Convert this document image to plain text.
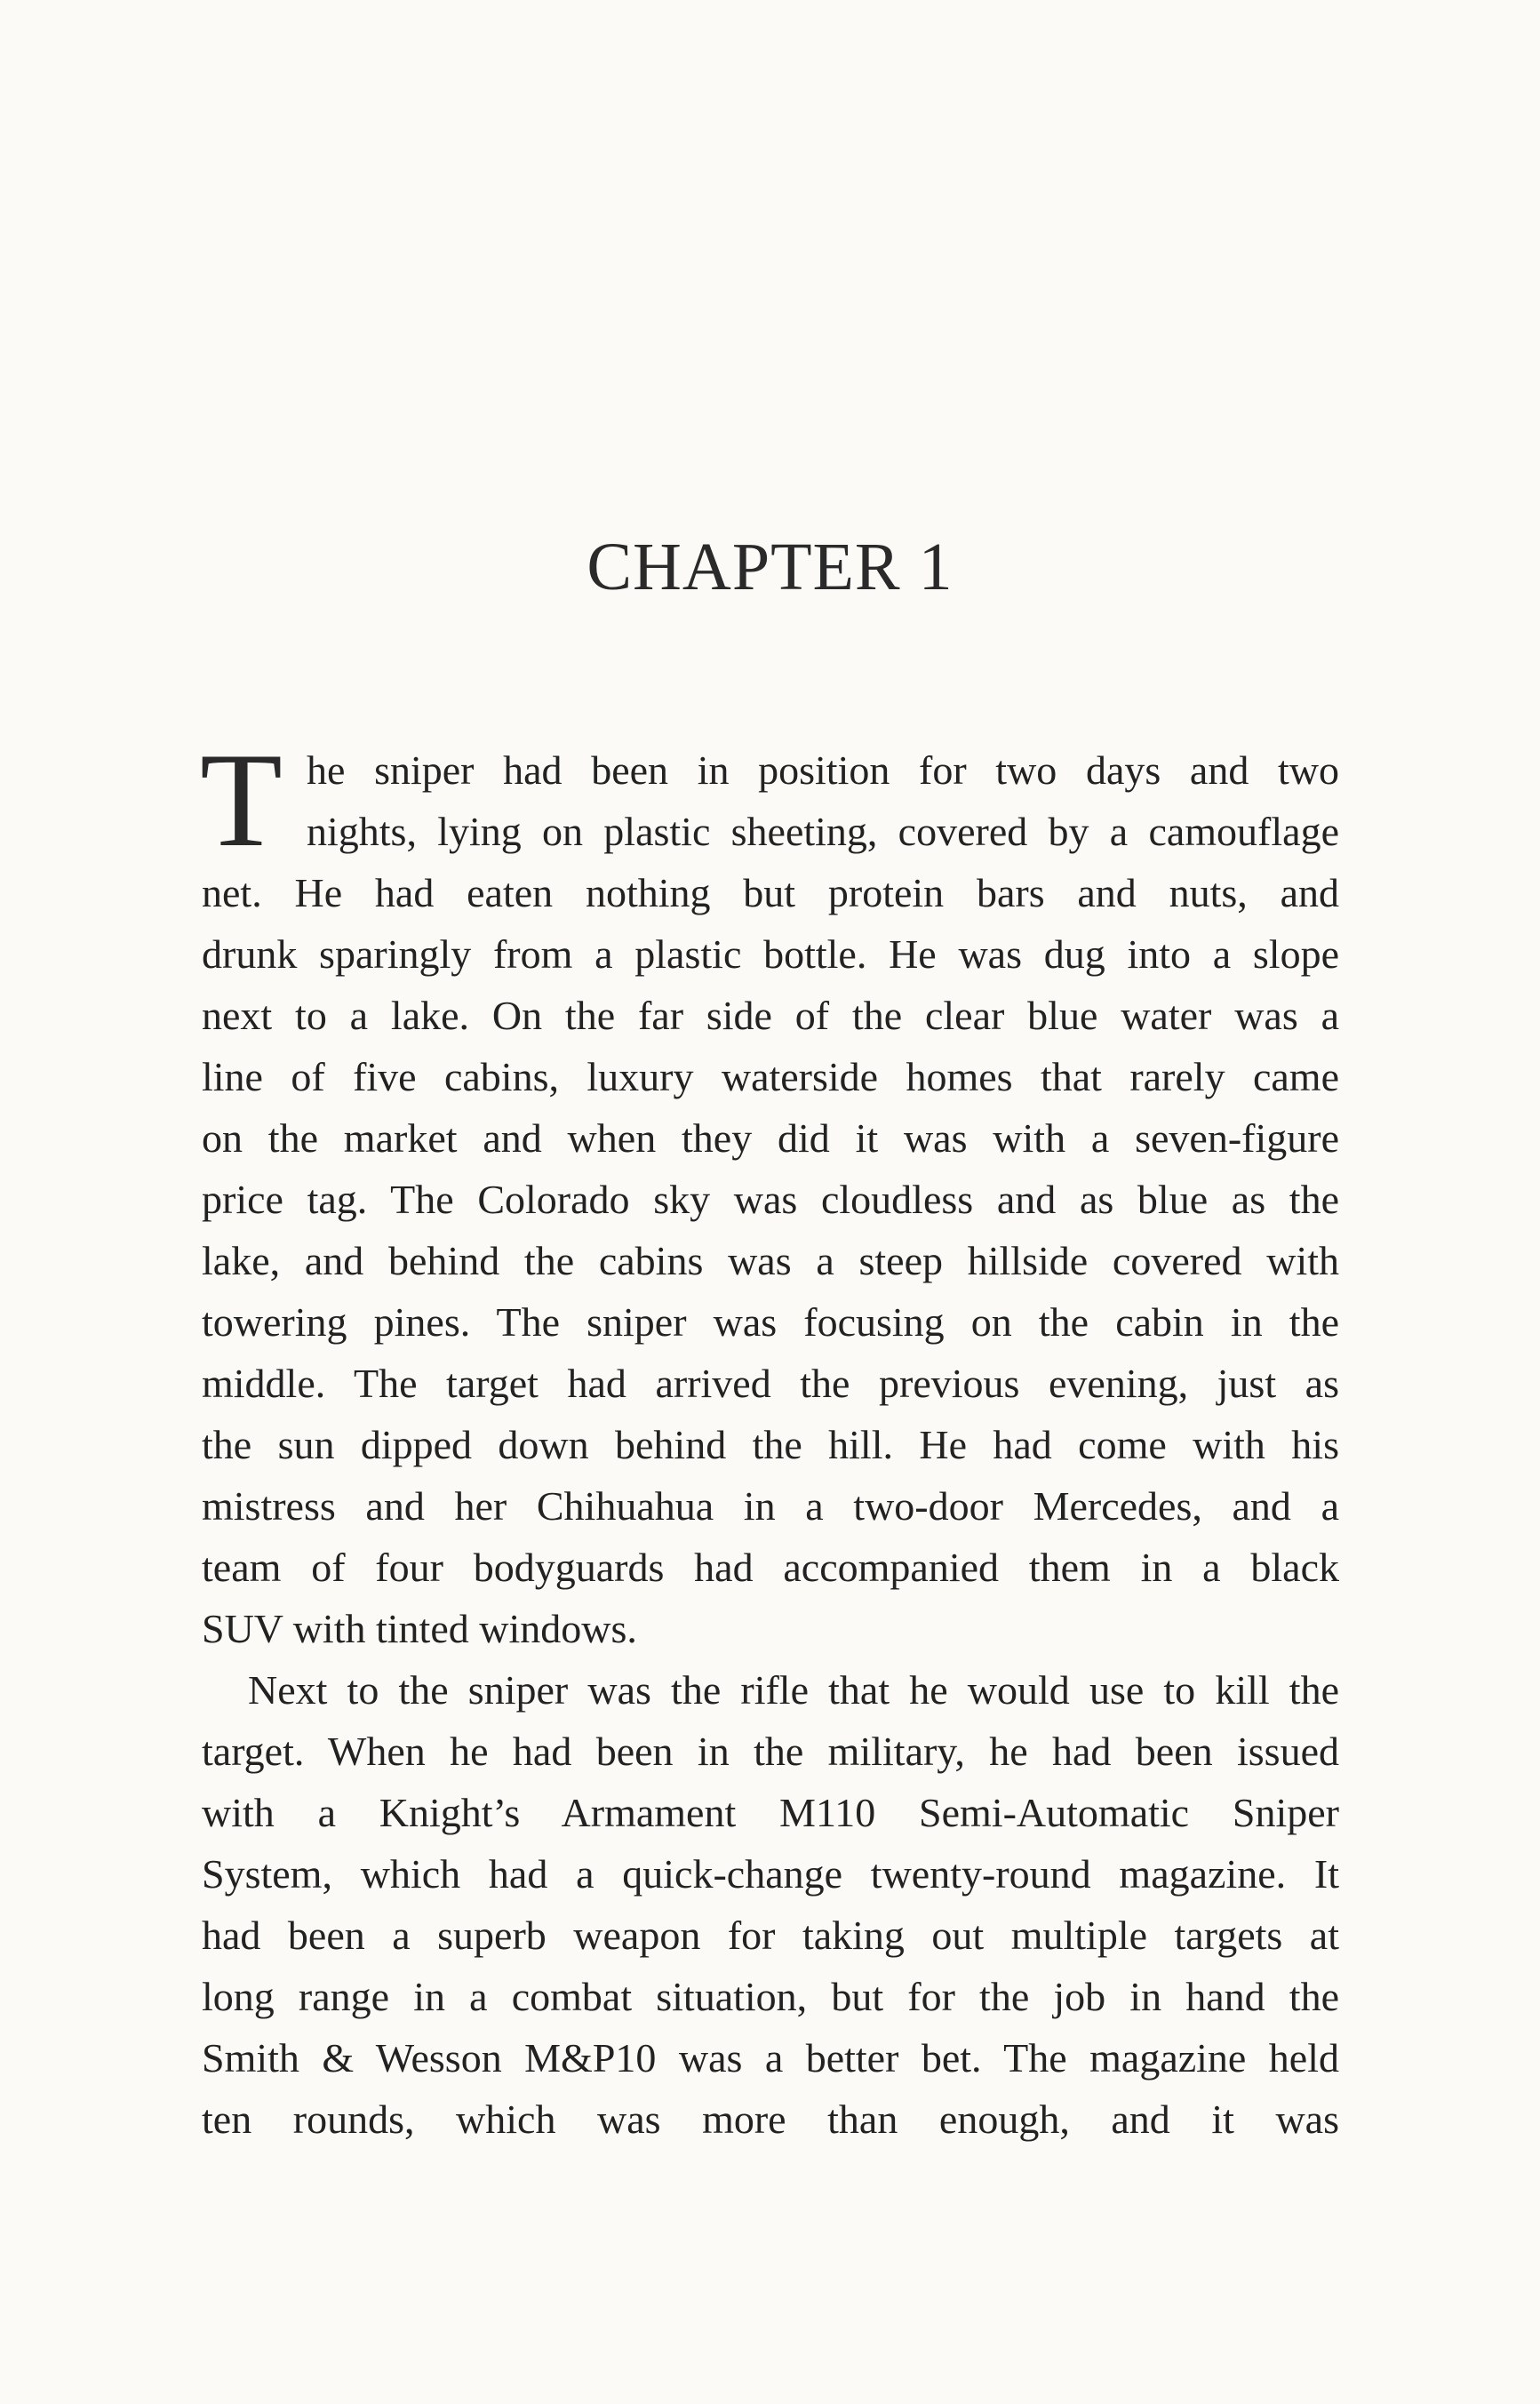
CHAPTER 1
T he sniper had been in position for two days and two
nights, lying on plastic sheeting, covered by a camouflage
net. He had eaten nothing but protein bars and nuts, and
drunk sparingly from a plastic bottle. He was dug into a slope
next to a lake. On the far side of the clear blue water was a
line of five cabins, luxury waterside homes that rarely came
on the market and when they did it was with a seven-figure
price tag. The Colorado sky was cloudless and as blue as the
lake, and behind the cabins was a steep hillside covered with
towering pines. The sniper was focusing on the cabin in the
middle. The target had arrived the previous evening, just as
the sun dipped down behind the hill. He had come with his
mistress and her Chihuahua in a two-door Mercedes, and a
team of four bodyguards had accompanied them in a black
SUV with tinted windows.
Next to the sniper was the rifle that he would use to kill the
target. When he had been in the military, he had been issued
with a Knight’s Armament M110 Semi-Automatic Sniper
System, which had a quick-change twenty-round magazine. It
had been a superb weapon for taking out multiple targets at
long range in a combat situation, but for the job in hand the
Smith & Wesson M&P10 was a better bet. The magazine held
ten rounds, which was more than enough, and it was
